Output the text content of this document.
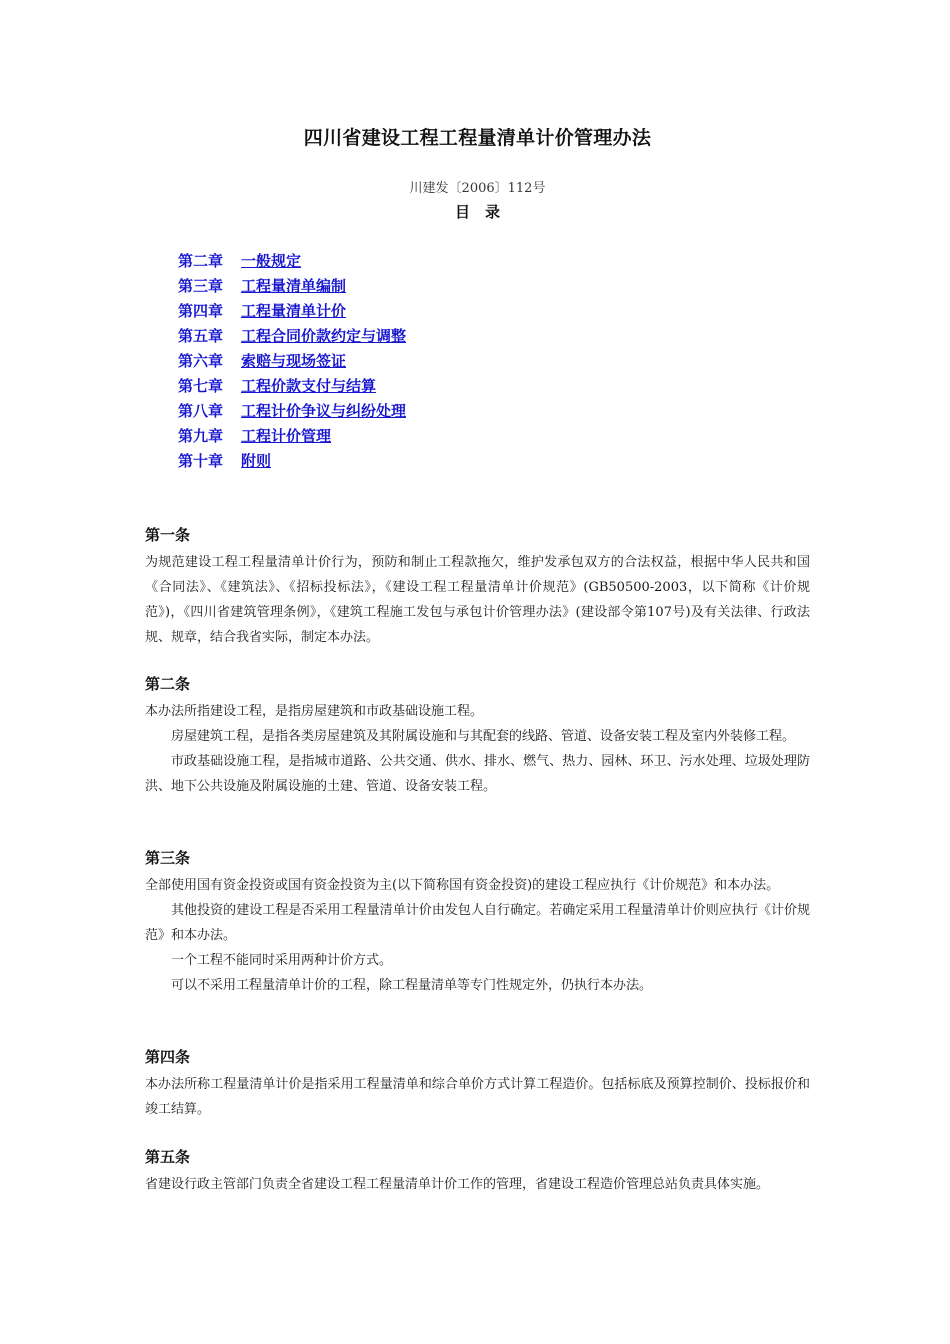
四川省建设工程工程量清单计价管理办法
川建发〔2006〕112号
目　录
第二章 一般规定
第三章 工程量清单编制
第四章 工程量清单计价
第五章 工程合同价款约定与调整
第六章 索赔与现场签证
第七章 工程价款支付与结算
第八章 工程计价争议与纠纷处理
第九章 工程计价管理
第十章 附则
第一条

为规范建设工程工程量清单计价行为，预防和制止工程款拖欠，维护发承包双方的合法权益，根据中华人民共和国《合同法》、《建筑法》、《招标投标法》，《建设工程工程量清单计价规范》(GB50500-2003，以下简称《计价规范》)，《四川省建筑管理条例》，《建筑工程施工发包与承包计价管理办法》(建设部令第107号)及有关法律、行政法规、规章，结合我省实际，制定本办法。

第二条

本办法所指建设工程，是指房屋建筑和市政基础设施工程。

房屋建筑工程，是指各类房屋建筑及其附属设施和与其配套的线路、管道、设备安装工程及室内外装修工程。

市政基础设施工程，是指城市道路、公共交通、供水、排水、燃气、热力、园林、环卫、污水处理、垃圾处理防洪、地下公共设施及附属设施的土建、管道、设备安装工程。

第三条

全部使用国有资金投资或国有资金投资为主(以下简称国有资金投资)的建设工程应执行《计价规范》和本办法。

其他投资的建设工程是否采用工程量清单计价由发包人自行确定。若确定采用工程量清单计价则应执行《计价规范》和本办法。

一个工程不能同时采用两种计价方式。

可以不采用工程量清单计价的工程，除工程量清单等专门性规定外，仍执行本办法。

第四条

本办法所称工程量清单计价是指采用工程量清单和综合单价方式计算工程造价。包括标底及预算控制价、投标报价和竣工结算。

第五条

省建设行政主管部门负责全省建设工程工程量清单计价工作的管理，省建设工程造价管理总站负责具体实施。
